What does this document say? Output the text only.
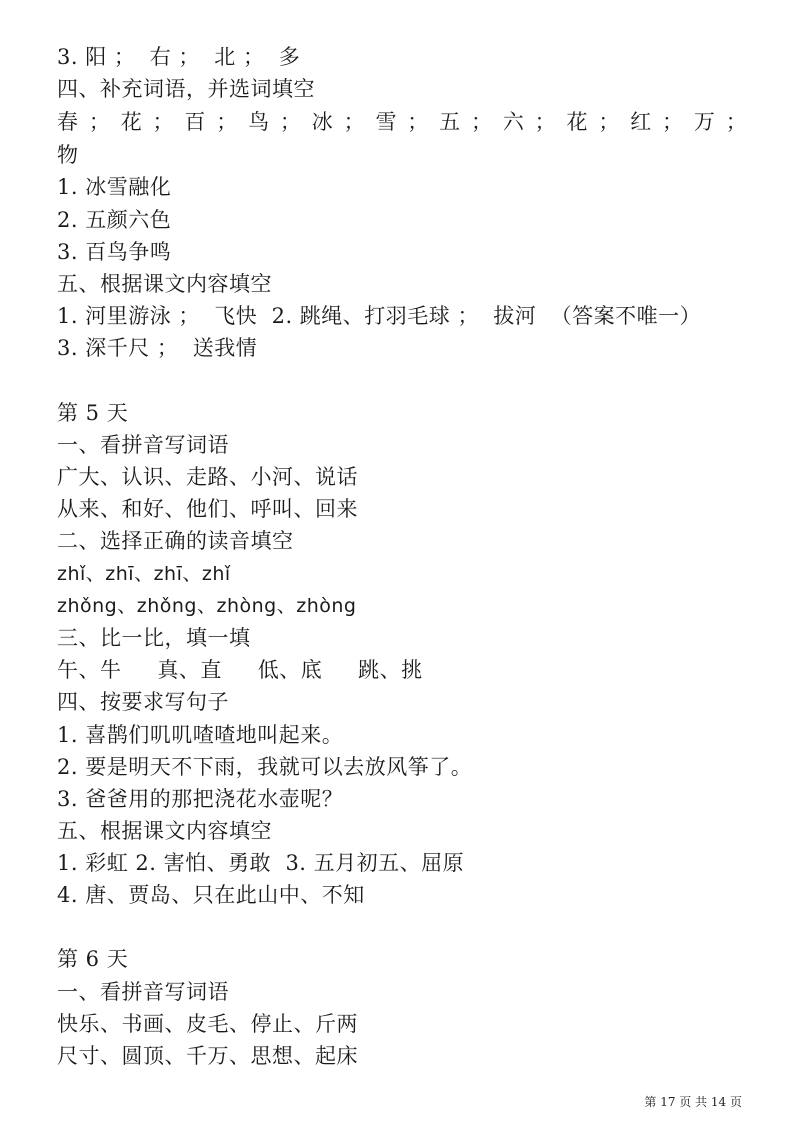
3. 阳 ；  右 ；  北 ；  多
四、补充词语，并选词填空
春 ； 花 ； 百 ； 鸟 ； 冰 ； 雪 ； 五 ； 六 ； 花 ； 红 ； 万 ；
物
1. 冰雪融化
2. 五颜六色
3. 百鸟争鸣
五、根据课文内容填空
1. 河里游泳 ；  飞快  2. 跳绳、打羽毛球 ；  拔河  （答案不唯一）
3. 深千尺 ；  送我情
第 5 天
一、看拼音写词语
广大、认识、走路、小河、说话
从来、和好、他们、呼叫、回来
二、选择正确的读音填空
zhǐ、zhī、zhī、zhǐ
zhǒng、zhǒng、zhòng、zhòng
三、比一比，填一填
午、牛     真、直     低、底     跳、挑
四、按要求写句子
1. 喜鹊们叽叽喳喳地叫起来。
2. 要是明天不下雨，我就可以去放风筝了。
3. 爸爸用的那把浇花水壶呢？
五、根据课文内容填空
1. 彩虹 2. 害怕、勇敢  3. 五月初五、屈原
4. 唐、贾岛、只在此山中、不知
第 6 天
一、看拼音写词语
快乐、书画、皮毛、停止、斤两
尺寸、圆顶、千万、思想、起床
第 17 页 共 14 页
